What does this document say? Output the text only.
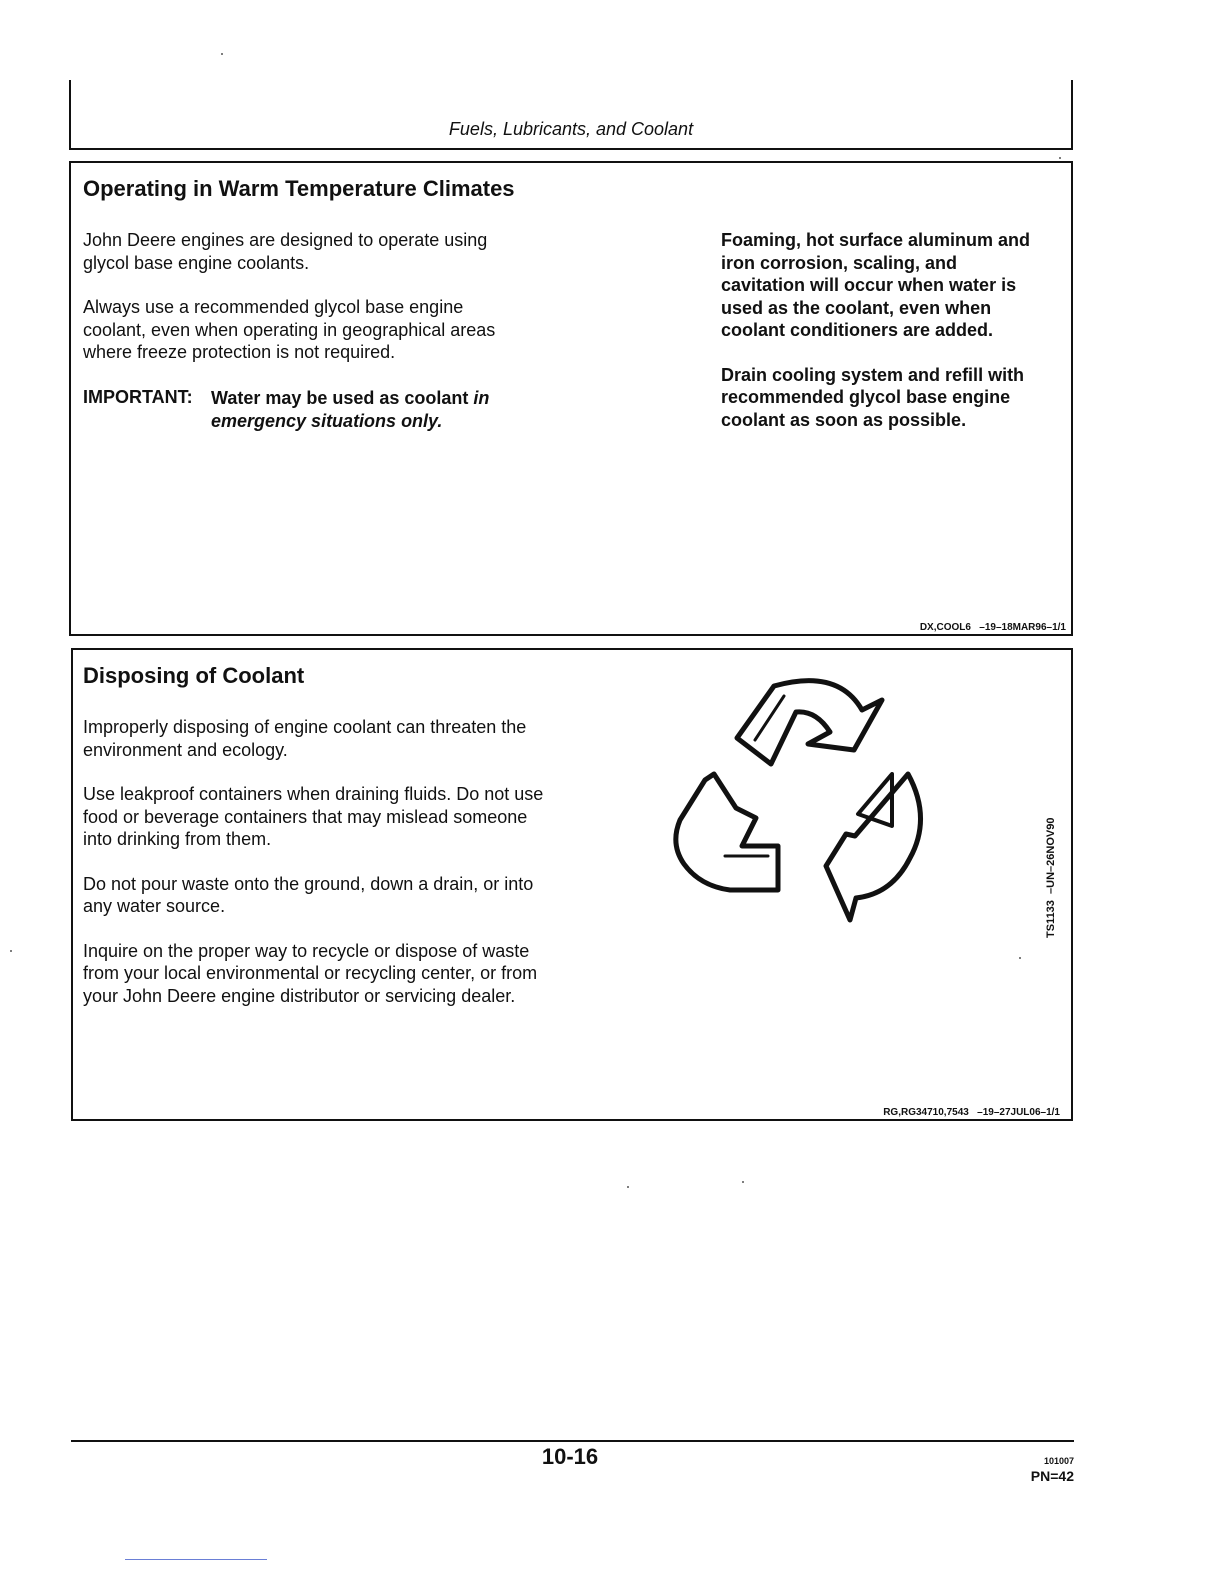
Fuels, Lubricants, and Coolant
Operating in Warm Temperature Climates

John Deere engines are designed to operate using
glycol base engine coolants.

Always use a recommended glycol base engine
coolant, even when operating in geographical areas
where freeze protection is not required.

IMPORTANT: Water may be used as coolant in
emergency situations only.

Foaming, hot surface aluminum and
iron corrosion, scaling, and
cavitation will occur when water is
used as the coolant, even when
coolant conditioners are added.

Drain cooling system and refill with
recommended glycol base engine
coolant as soon as possible.

DX,COOL6   –19–18MAR96–1/1
Disposing of Coolant

Improperly disposing of engine coolant can threaten the
environment and ecology.

Use leakproof containers when draining fluids. Do not use
food or beverage containers that may mislead someone
into drinking from them.

Do not pour waste onto the ground, down a drain, or into
any water source.

Inquire on the proper way to recycle or dispose of waste
from your local environmental or recycling center, or from
your John Deere engine distributor or servicing dealer.

TS1133  –UN–26NOV90
RG,RG34710,7543   –19–27JUL06–1/1
10-16	101007
PN=42
